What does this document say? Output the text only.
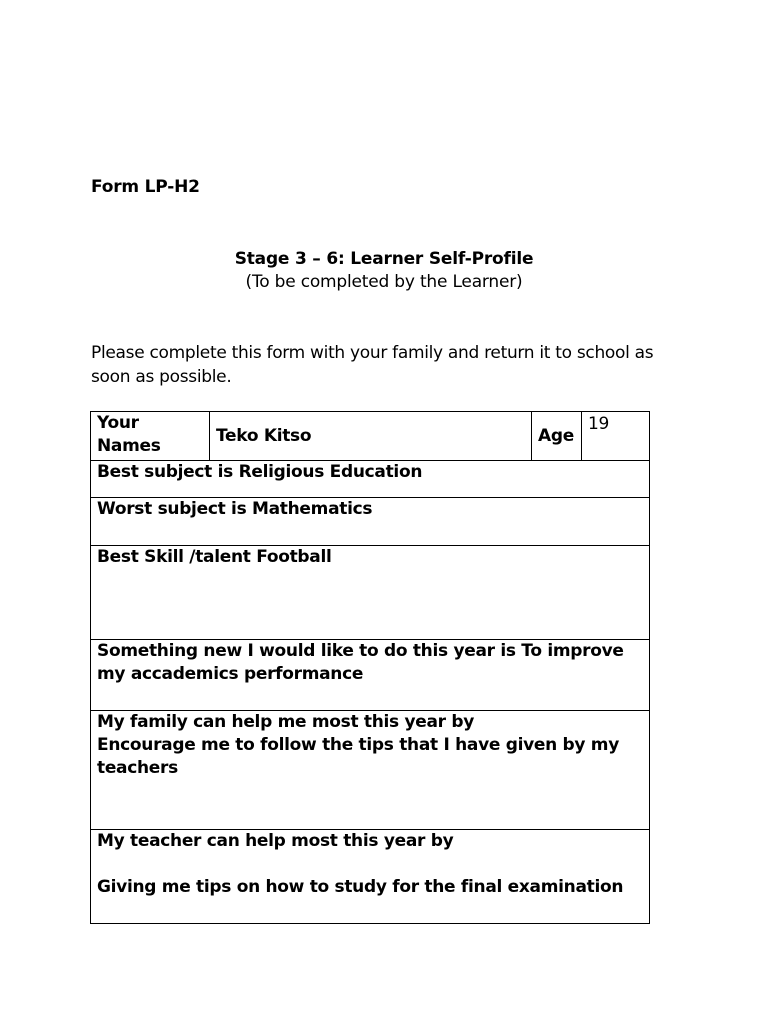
Form LP-H2
Stage 3 – 6: Learner Self-Profile
(To be completed by the Learner)
Please complete this form with your family and return it to school as soon as possible.
Your Names	Teko Kitso	Age	19
Best subject is Religious Education
Worst subject is Mathematics
Best Skill /talent Football
Something new I would like to do this year is To improve my accademics performance

My family can help me most this year by
Encourage me to follow the tips that I have given by my teachers

My teacher can help most this year by
Giving me tips on how to study for the final examination
